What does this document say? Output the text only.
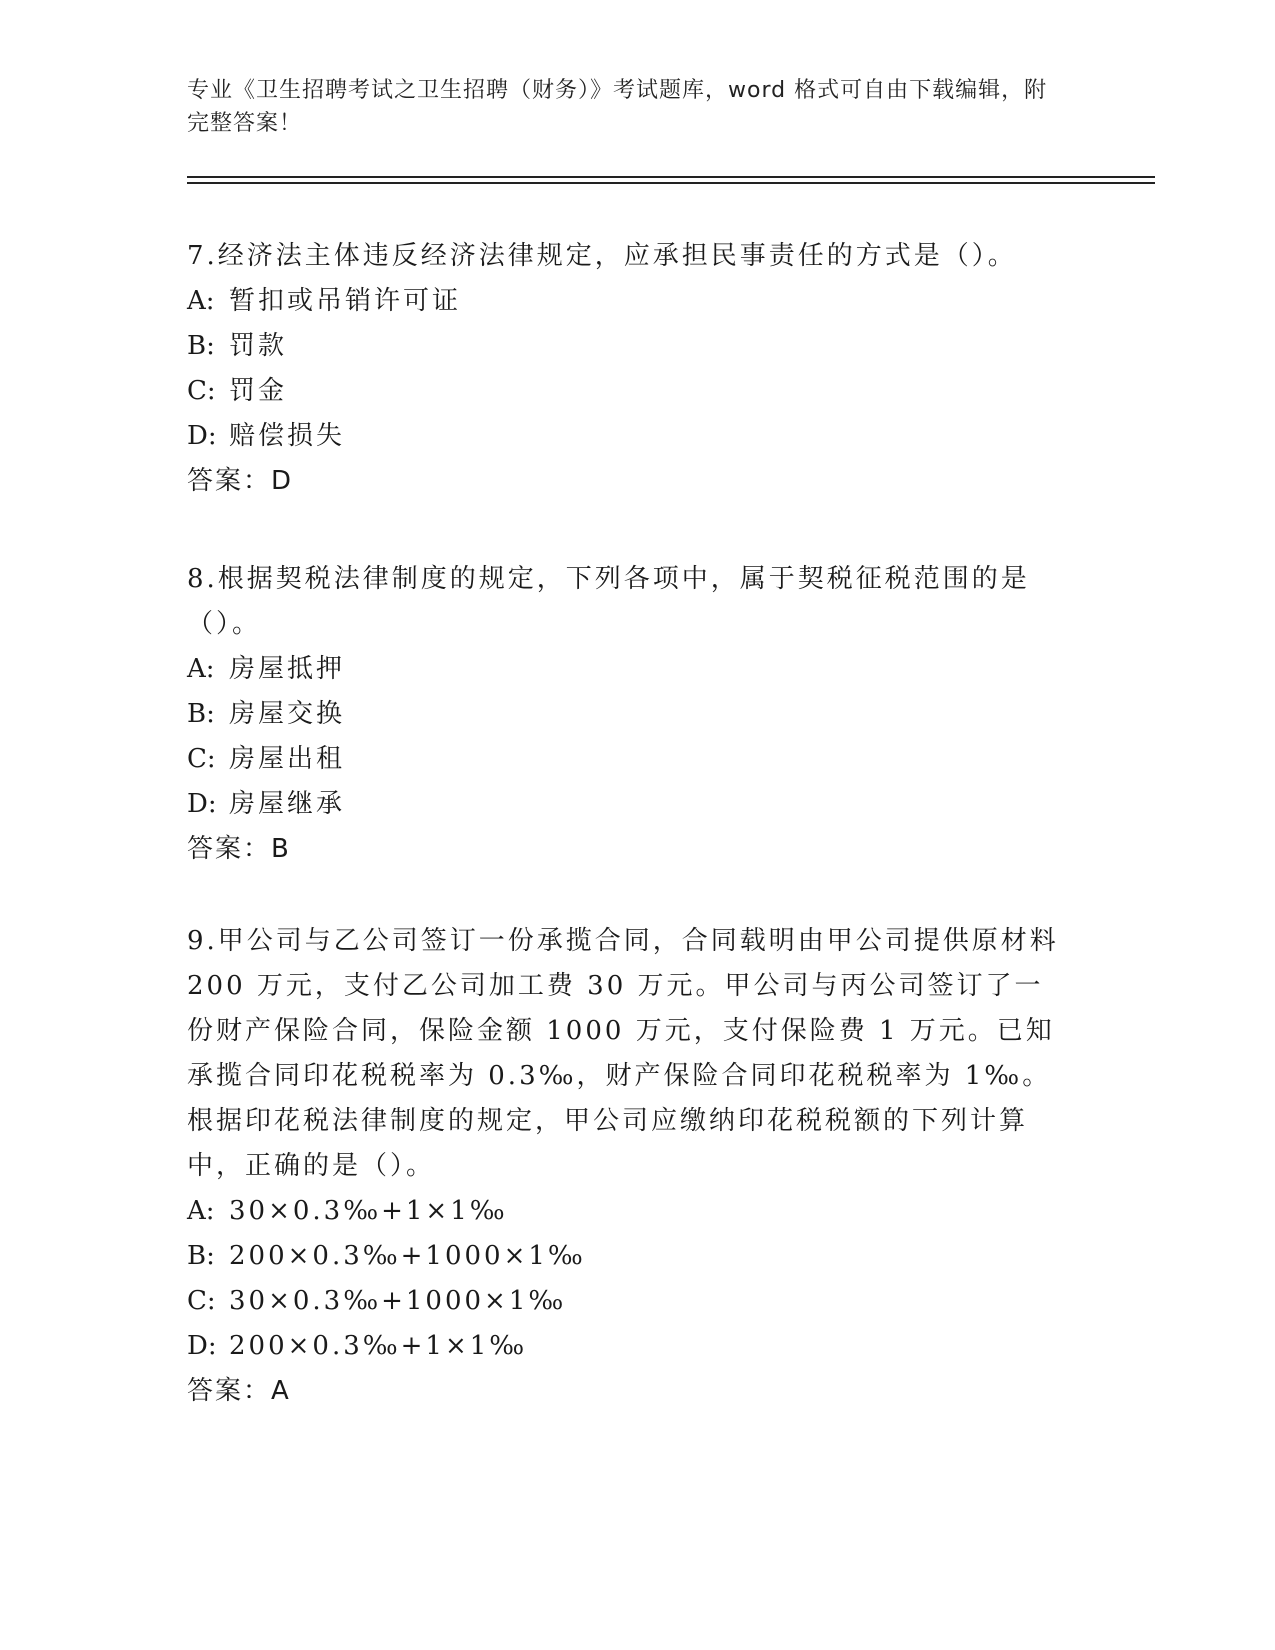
专业《卫生招聘考试之卫生招聘（财务）》考试题库，word 格式可自由下载编辑，附完整答案！

7.经济法主体违反经济法律规定，应承担民事责任的方式是（）。

A: 暂扣或吊销许可证

B: 罚款

C: 罚金

D: 赔偿损失

答案：D

8.根据契税法律制度的规定，下列各项中，属于契税征税范围的是（）。

A: 房屋抵押

B: 房屋交换

C: 房屋出租

D: 房屋继承

答案：B

9.甲公司与乙公司签订一份承揽合同，合同载明由甲公司提供原材料 200 万元，支付乙公司加工费 30 万元。甲公司与丙公司签订了一份财产保险合同，保险金额 1000 万元，支付保险费 1 万元。已知承揽合同印花税税率为 0.3‰，财产保险合同印花税税率为 1‰。根据印花税法律制度的规定，甲公司应缴纳印花税税额的下列计算中，正确的是（）。

A: 30×0.3‰+1×1‰

B: 200×0.3‰+1000×1‰

C: 30×0.3‰+1000×1‰

D: 200×0.3‰+1×1‰

答案：A
